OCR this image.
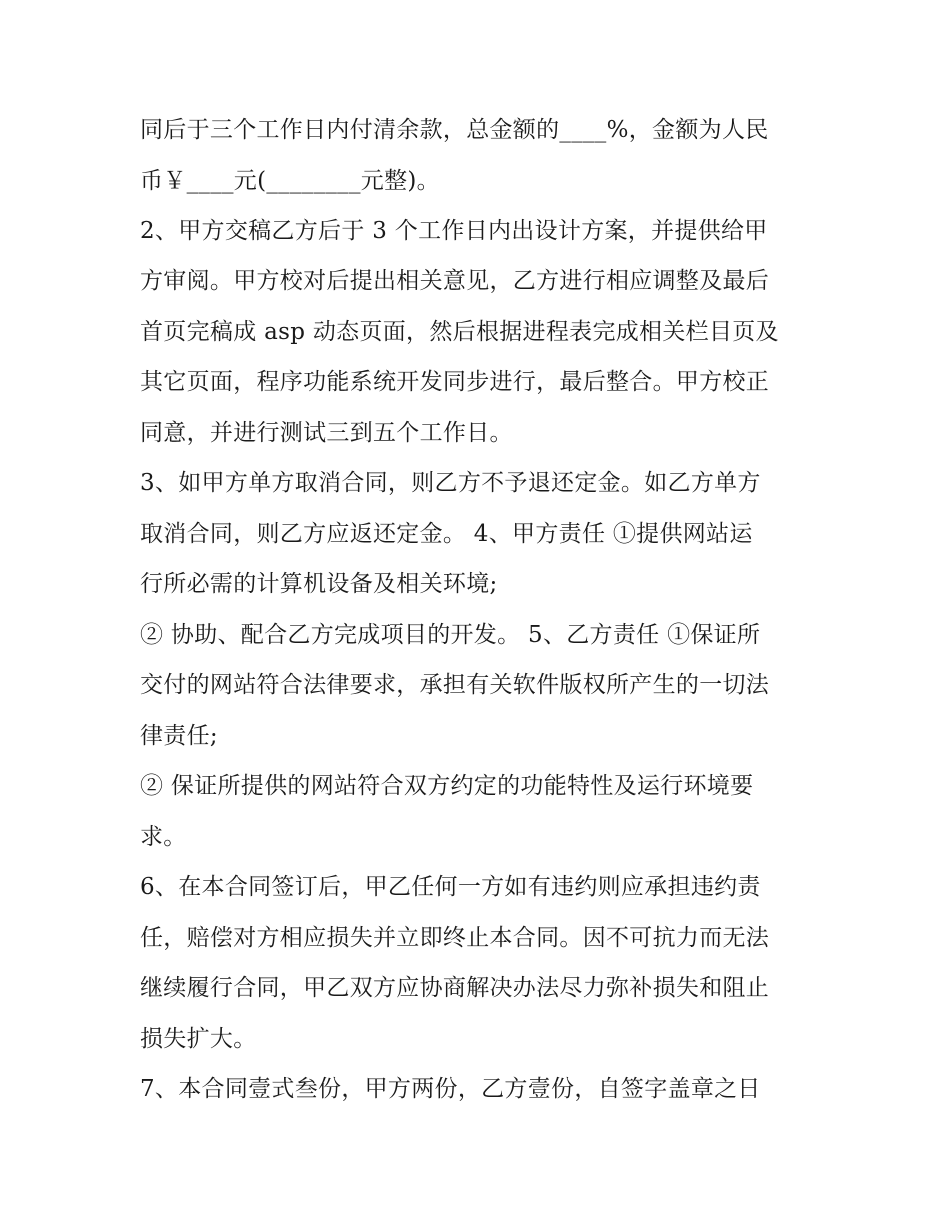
同后于三个工作日内付清余款，总金额的____%，金额为人民
币￥____元(________元整)。
2、甲方交稿乙方后于 3 个工作日内出设计方案，并提供给甲
方审阅。甲方校对后提出相关意见，乙方进行相应调整及最后
首页完稿成 asp 动态页面，然后根据进程表完成相关栏目页及
其它页面，程序功能系统开发同步进行，最后整合。甲方校正
同意，并进行测试三到五个工作日。
3、如甲方单方取消合同，则乙方不予退还定金。如乙方单方
取消合同，则乙方应返还定金。 4、甲方责任 ①提供网站运
行所必需的计算机设备及相关环境;
② 协助、配合乙方完成项目的开发。 5、乙方责任 ①保证所
交付的网站符合法律要求，承担有关软件版权所产生的一切法
律责任;
② 保证所提供的网站符合双方约定的功能特性及运行环境要
求。
6、在本合同签订后，甲乙任何一方如有违约则应承担违约责
任，赔偿对方相应损失并立即终止本合同。因不可抗力而无法
继续履行合同，甲乙双方应协商解决办法尽力弥补损失和阻止
损失扩大。
7、本合同壹式叁份，甲方两份，乙方壹份，自签字盖章之日
